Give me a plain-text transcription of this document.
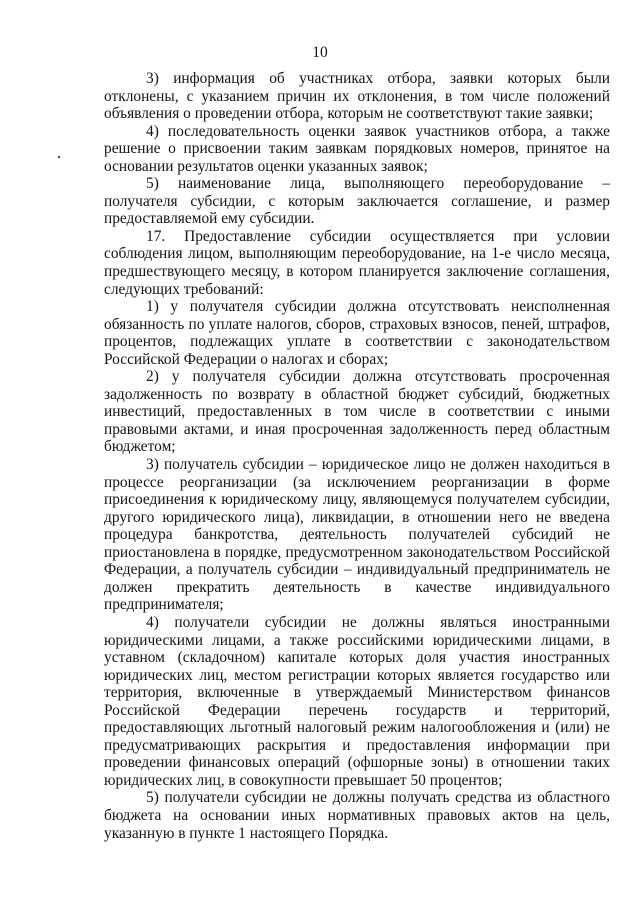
10

3) информация об участниках отбора, заявки которых были отклонены, с указанием причин их отклонения, в том числе положений объявления о проведении отбора, которым не соответствуют такие заявки;

4) последовательность оценки заявок участников отбора, а также решение о присвоении таким заявкам порядковых номеров, принятое на основании результатов оценки указанных заявок;

5) наименование лица, выполняющего переоборудование – получателя субсидии, с которым заключается соглашение, и размер предоставляемой ему субсидии.

17. Предоставление субсидии осуществляется при условии соблюдения лицом, выполняющим переоборудование, на 1-е число месяца, предшествующего месяцу, в котором планируется заключение соглашения, следующих требований:

1) у получателя субсидии должна отсутствовать неисполненная обязанность по уплате налогов, сборов, страховых взносов, пеней, штрафов, процентов, подлежащих уплате в соответствии с законодательством Российской Федерации о налогах и сборах;

2) у получателя субсидии должна отсутствовать просроченная задолженность по возврату в областной бюджет субсидий, бюджетных инвестиций, предоставленных в том числе в соответствии с иными правовыми актами, и иная просроченная задолженность перед областным бюджетом;

3) получатель субсидии – юридическое лицо не должен находиться в процессе реорганизации (за исключением реорганизации в форме присоединения к юридическому лицу, являющемуся получателем субсидии, другого юридического лица), ликвидации, в отношении него не введена процедура банкротства, деятельность получателей субсидий не приостановлена в порядке, предусмотренном законодательством Российской Федерации, а получатель субсидии – индивидуальный предприниматель не должен прекратить деятельность в качестве индивидуального предпринимателя;

4) получатели субсидии не должны являться иностранными юридическими лицами, а также российскими юридическими лицами, в уставном (складочном) капитале которых доля участия иностранных юридических лиц, местом регистрации которых является государство или территория, включенные в утверждаемый Министерством финансов Российской Федерации перечень государств и территорий, предоставляющих льготный налоговый режим налогообложения и (или) не предусматривающих раскрытия и предоставления информации при проведении финансовых операций (офшорные зоны) в отношении таких юридических лиц, в совокупности превышает 50 процентов;

5) получатели субсидии не должны получать средства из областного бюджета на основании иных нормативных правовых актов на цель, указанную в пункте 1 настоящего Порядка.
